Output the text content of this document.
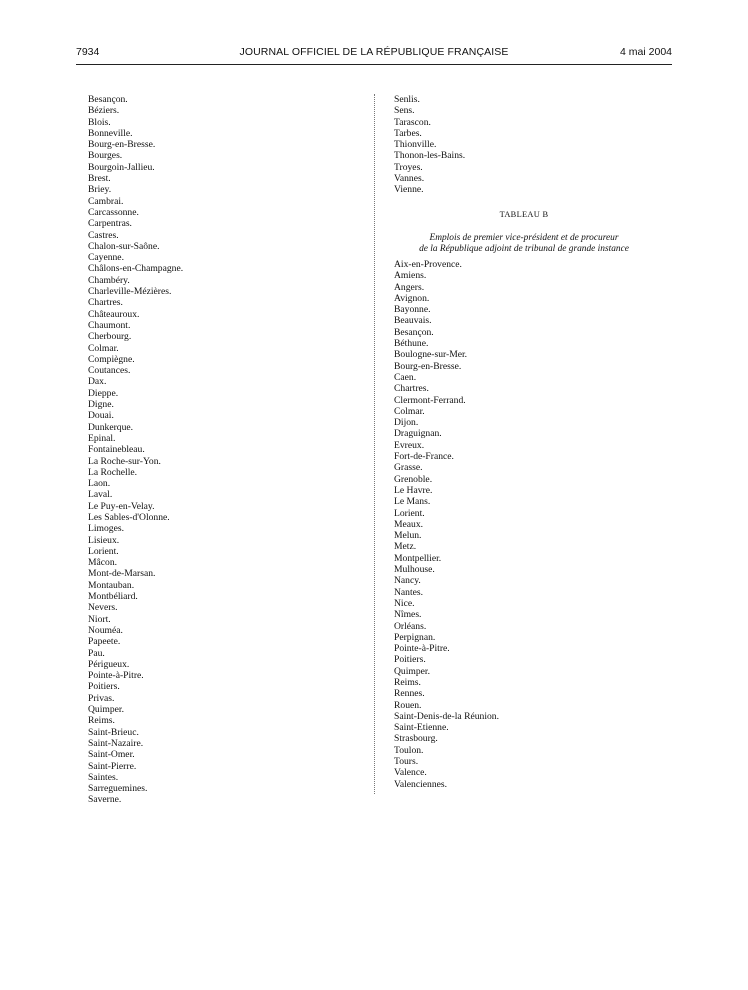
7934	JOURNAL OFFICIEL DE LA RÉPUBLIQUE FRANÇAISE	4 mai 2004
Besançon.
Béziers.
Blois.
Bonneville.
Bourg-en-Bresse.
Bourges.
Bourgoin-Jallieu.
Brest.
Briey.
Cambrai.
Carcassonne.
Carpentras.
Castres.
Chalon-sur-Saône.
Cayenne.
Châlons-en-Champagne.
Chambéry.
Charleville-Mézières.
Chartres.
Châteauroux.
Chaumont.
Cherbourg.
Colmar.
Compiègne.
Coutances.
Dax.
Dieppe.
Digne.
Douai.
Dunkerque.
Epinal.
Fontainebleau.
La Roche-sur-Yon.
La Rochelle.
Laon.
Laval.
Le Puy-en-Velay.
Les Sables-d'Olonne.
Limoges.
Lisieux.
Lorient.
Mâcon.
Mont-de-Marsan.
Montauban.
Montbéliard.
Nevers.
Niort.
Nouméa.
Papeete.
Pau.
Périgueux.
Pointe-à-Pitre.
Poitiers.
Privas.
Quimper.
Reims.
Saint-Brieuc.
Saint-Nazaire.
Saint-Omer.
Saint-Pierre.
Saintes.
Sarreguemines.
Saverne.
Senlis.
Sens.
Tarascon.
Tarbes.
Thionville.
Thonon-les-Bains.
Troyes.
Vannes.
Vienne.
TABLEAU B
Emplois de premier vice-président et de procureur
de la République adjoint de tribunal de grande instance
Aix-en-Provence.
Amiens.
Angers.
Avignon.
Bayonne.
Beauvais.
Besançon.
Béthune.
Boulogne-sur-Mer.
Bourg-en-Bresse.
Caen.
Chartres.
Clermont-Ferrand.
Colmar.
Dijon.
Draguignan.
Evreux.
Fort-de-France.
Grasse.
Grenoble.
Le Havre.
Le Mans.
Lorient.
Meaux.
Melun.
Metz.
Montpellier.
Mulhouse.
Nancy.
Nantes.
Nice.
Nîmes.
Orléans.
Perpignan.
Pointe-à-Pitre.
Poitiers.
Quimper.
Reims.
Rennes.
Rouen.
Saint-Denis-de-la Réunion.
Saint-Etienne.
Strasbourg.
Toulon.
Tours.
Valence.
Valenciennes.
